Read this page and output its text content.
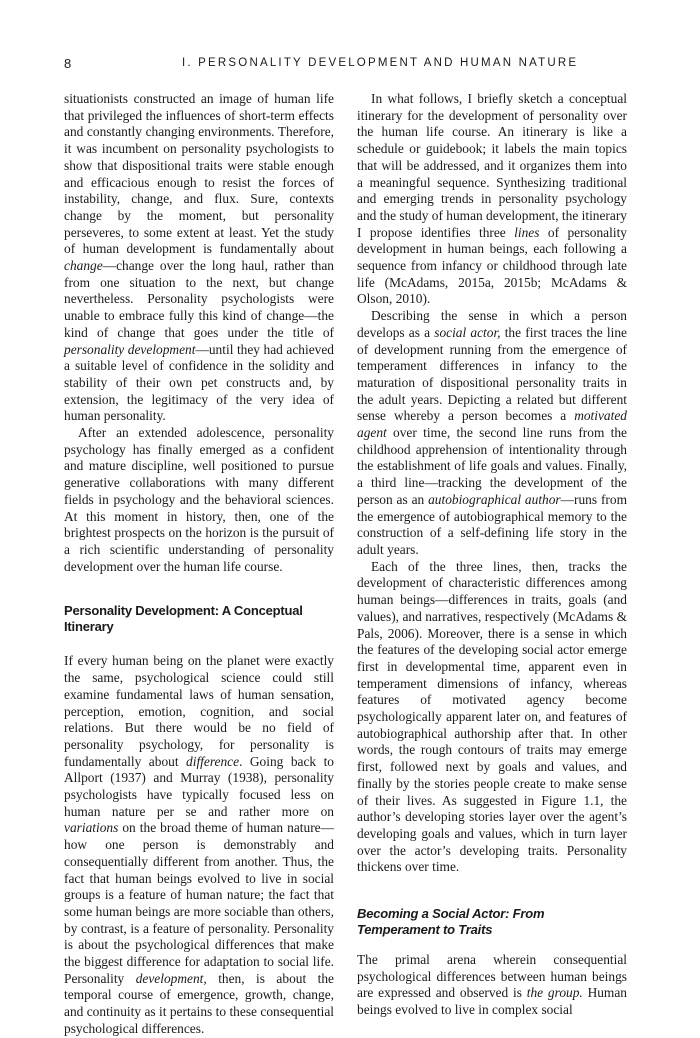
8	I. PERSONALITY DEVELOPMENT AND HUMAN NATURE

situationists constructed an image of human life that privileged the influences of short-term effects and constantly changing environments. Therefore, it was incumbent on personality psychologists to show that dispositional traits were stable enough and efficacious enough to resist the forces of instability, change, and flux. Sure, contexts change by the moment, but personality perseveres, to some extent at least. Yet the study of human development is fundamentally about change—change over the long haul, rather than from one situation to the next, but change nevertheless. Personality psychologists were unable to embrace fully this kind of change—the kind of change that goes under the title of personality development—until they had achieved a suitable level of confidence in the solidity and stability of their own pet constructs and, by extension, the legitimacy of the very idea of human personality.

After an extended adolescence, personality psychology has finally emerged as a confident and mature discipline, well positioned to pursue generative collaborations with many different fields in psychology and the behavioral sciences. At this moment in history, then, one of the brightest prospects on the horizon is the pursuit of a rich scientific understanding of personality development over the human life course.

Personality Development: A Conceptual Itinerary

If every human being on the planet were exactly the same, psychological science could still examine fundamental laws of human sensation, perception, emotion, cognition, and social relations. But there would be no field of personality psychology, for personality is fundamentally about difference. Going back to Allport (1937) and Murray (1938), personality psychologists have typically focused less on human nature per se and rather more on variations on the broad theme of human nature—how one person is demonstrably and consequentially different from another. Thus, the fact that human beings evolved to live in social groups is a feature of human nature; the fact that some human beings are more sociable than others, by contrast, is a feature of personality. Personality is about the psychological differences that make the biggest difference for adaptation to social life. Personality development, then, is about the temporal course of emergence, growth, change, and continuity as it pertains to these consequential psychological differences.

In what follows, I briefly sketch a conceptual itinerary for the development of personality over the human life course. An itinerary is like a schedule or guidebook; it labels the main topics that will be addressed, and it organizes them into a meaningful sequence. Synthesizing traditional and emerging trends in personality psychology and the study of human development, the itinerary I propose identifies three lines of personality development in human beings, each following a sequence from infancy or childhood through late life (McAdams, 2015a, 2015b; McAdams & Olson, 2010).

Describing the sense in which a person develops as a social actor, the first traces the line of development running from the emergence of temperament differences in infancy to the maturation of dispositional personality traits in the adult years. Depicting a related but different sense whereby a person becomes a motivated agent over time, the second line runs from the childhood apprehension of intentionality through the establishment of life goals and values. Finally, a third line—tracking the development of the person as an autobiographical author—runs from the emergence of autobiographical memory to the construction of a self-defining life story in the adult years.

Each of the three lines, then, tracks the development of characteristic differences among human beings—differences in traits, goals (and values), and narratives, respectively (McAdams & Pals, 2006). Moreover, there is a sense in which the features of the developing social actor emerge first in developmental time, apparent even in temperament dimensions of infancy, whereas features of motivated agency become psychologically apparent later on, and features of autobiographical authorship after that. In other words, the rough contours of traits may emerge first, followed next by goals and values, and finally by the stories people create to make sense of their lives. As suggested in Figure 1.1, the author’s developing stories layer over the agent’s developing goals and values, which in turn layer over the actor’s developing traits. Personality thickens over time.

Becoming a Social Actor: From Temperament to Traits

The primal arena wherein consequential psychological differences between human beings are expressed and observed is the group. Human beings evolved to live in complex social
